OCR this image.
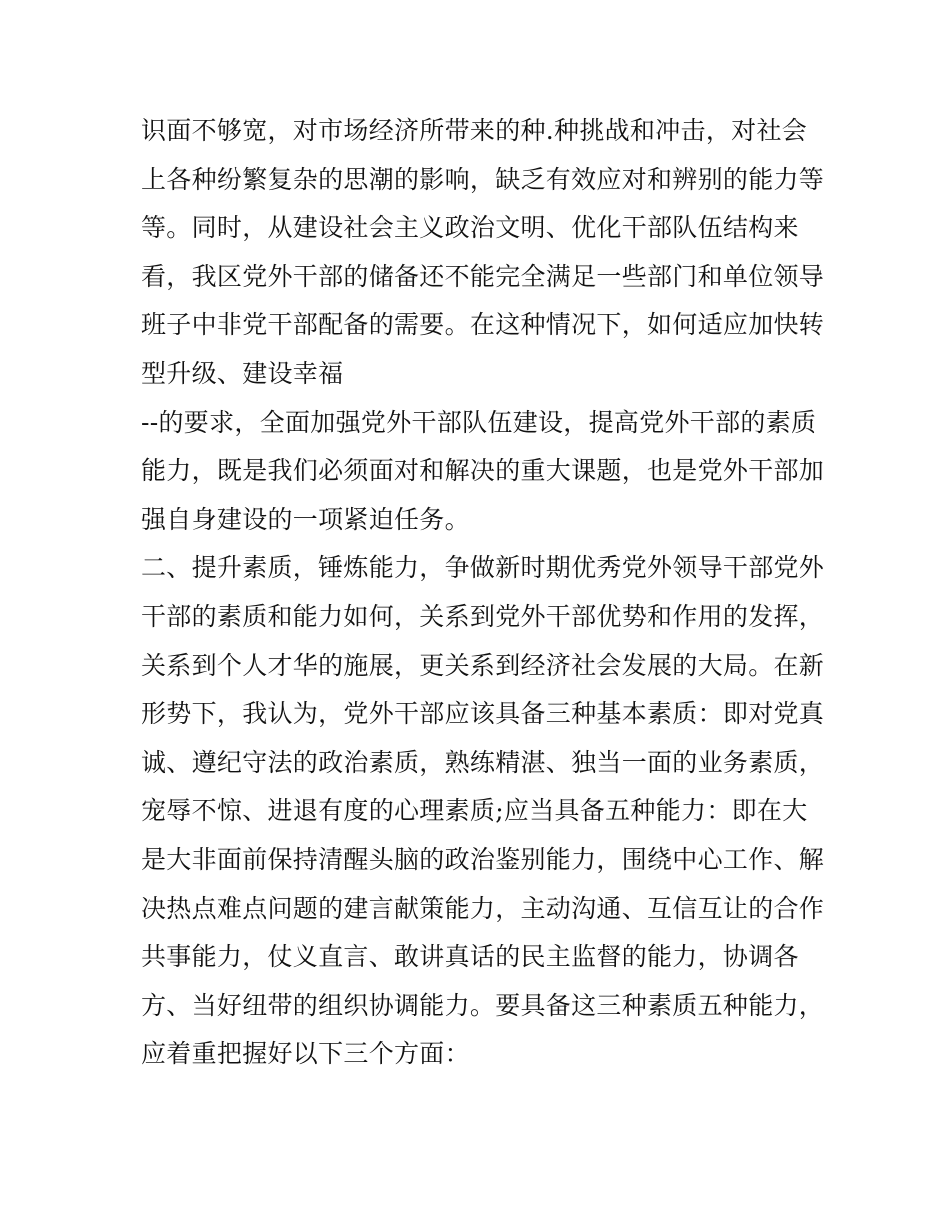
识面不够宽，对市场经济所带来的种.种挑战和冲击，对社会
上各种纷繁复杂的思潮的影响，缺乏有效应对和辨别的能力等
等。同时，从建设社会主义政治文明、优化干部队伍结构来
看，我区党外干部的储备还不能完全满足一些部门和单位领导
班子中非党干部配备的需要。在这种情况下，如何适应加快转
型升级、建设幸福
--的要求，全面加强党外干部队伍建设，提高党外干部的素质
能力，既是我们必须面对和解决的重大课题，也是党外干部加
强自身建设的一项紧迫任务。
二、提升素质，锤炼能力，争做新时期优秀党外领导干部党外
干部的素质和能力如何，关系到党外干部优势和作用的发挥，
关系到个人才华的施展，更关系到经济社会发展的大局。在新
形势下，我认为，党外干部应该具备三种基本素质：即对党真
诚、遵纪守法的政治素质，熟练精湛、独当一面的业务素质，
宠辱不惊、进退有度的心理素质;应当具备五种能力：即在大
是大非面前保持清醒头脑的政治鉴别能力，围绕中心工作、解
决热点难点问题的建言献策能力，主动沟通、互信互让的合作
共事能力，仗义直言、敢讲真话的民主监督的能力，协调各
方、当好纽带的组织协调能力。要具备这三种素质五种能力，
应着重把握好以下三个方面：
